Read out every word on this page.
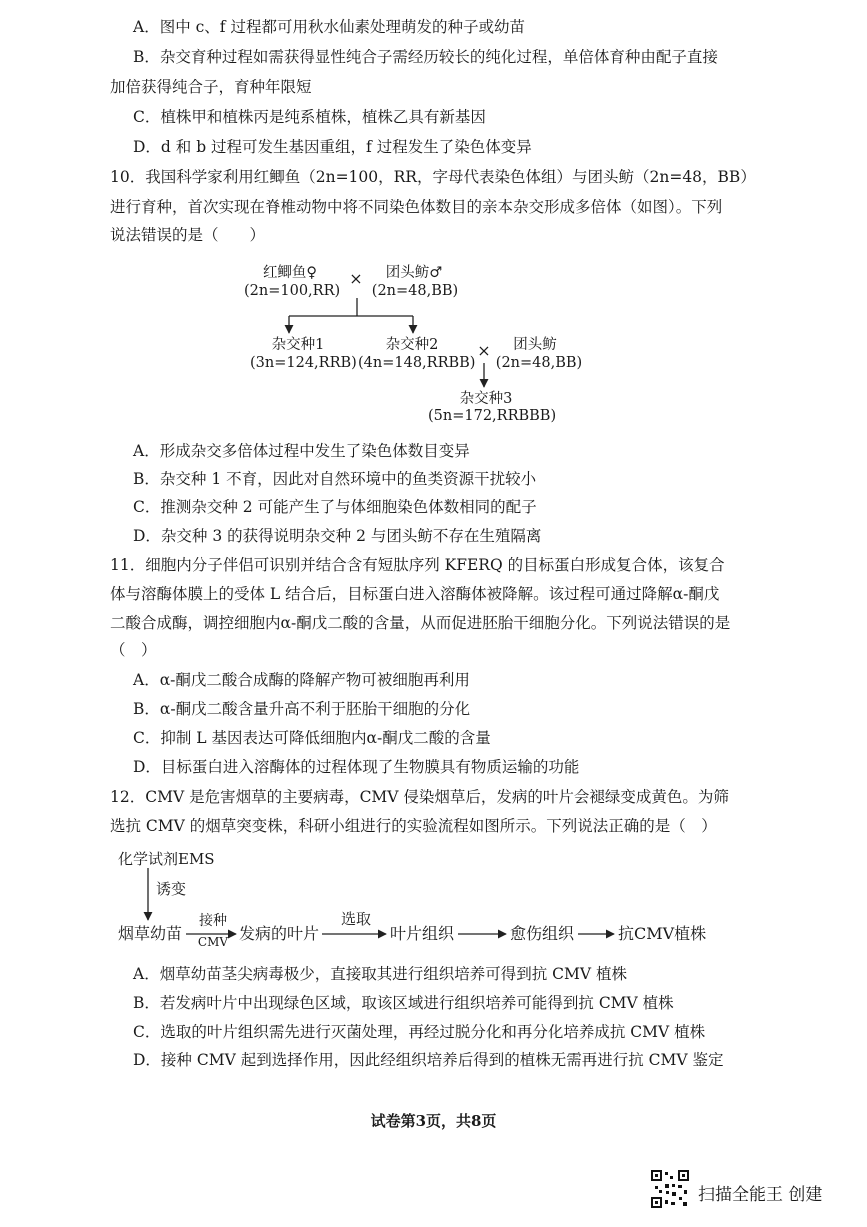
A．图中 c、f 过程都可用秋水仙素处理萌发的种子或幼苗
B．杂交育种过程如需获得显性纯合子需经历较长的纯化过程，单倍体育种由配子直接
加倍获得纯合子，育种年限短
C．植株甲和植株丙是纯系植株，植株乙具有新基因
D．d 和 b 过程可发生基因重组，f 过程发生了染色体变异
10．我国科学家利用红鲫鱼（2n=100，RR，字母代表染色体组）与团头鲂（2n=48，BB）
进行育种，首次实现在脊椎动物中将不同染色体数目的亲本杂交形成多倍体（如图）。下列
说法错误的是（　　）
红鲫鱼♀
(2n=100,RR)
×	团头鲂♂
(2n=48,BB)
杂交种1
(3n=124,RRB)
杂交种2
(4n=148,RRBB)
×	团头鲂
(2n=48,BB)
杂交种3
(5n=172,RRBBB)
A．形成杂交多倍体过程中发生了染色体数目变异
B．杂交种 1 不育，因此对自然环境中的鱼类资源干扰较小
C．推测杂交种 2 可能产生了与体细胞染色体数相同的配子
D．杂交种 3 的获得说明杂交种 2 与团头鲂不存在生殖隔离
11．细胞内分子伴侣可识别并结合含有短肽序列 KFERQ 的目标蛋白形成复合体，该复合
体与溶酶体膜上的受体 L 结合后，目标蛋白进入溶酶体被降解。该过程可通过降解α-酮戊
二酸合成酶，调控细胞内α-酮戊二酸的含量，从而促进胚胎干细胞分化。下列说法错误的是
（　）
A．α-酮戊二酸合成酶的降解产物可被细胞再利用
B．α-酮戊二酸含量升高不利于胚胎干细胞的分化
C．抑制 L 基因表达可降低细胞内α-酮戊二酸的含量
D．目标蛋白进入溶酶体的过程体现了生物膜具有物质运输的功能
12．CMV 是危害烟草的主要病毒，CMV 侵染烟草后，发病的叶片会褪绿变成黄色。为筛
选抗 CMV 的烟草突变株，科研小组进行的实验流程如图所示。下列说法正确的是（　）
化学试剂EMS
诱变
烟草幼苗
接种
CMV 发病的叶片
选取
叶片组织	愈伤组织	抗CMV植株
A．烟草幼苗茎尖病毒极少，直接取其进行组织培养可得到抗 CMV 植株
B．若发病叶片中出现绿色区域，取该区域进行组织培养可能得到抗 CMV 植株
C．选取的叶片组织需先进行灭菌处理，再经过脱分化和再分化培养成抗 CMV 植株
D．接种 CMV 起到选择作用，因此经组织培养后得到的植株无需再进行抗 CMV 鉴定
试卷第3页，共8页
扫描全能王 创建
